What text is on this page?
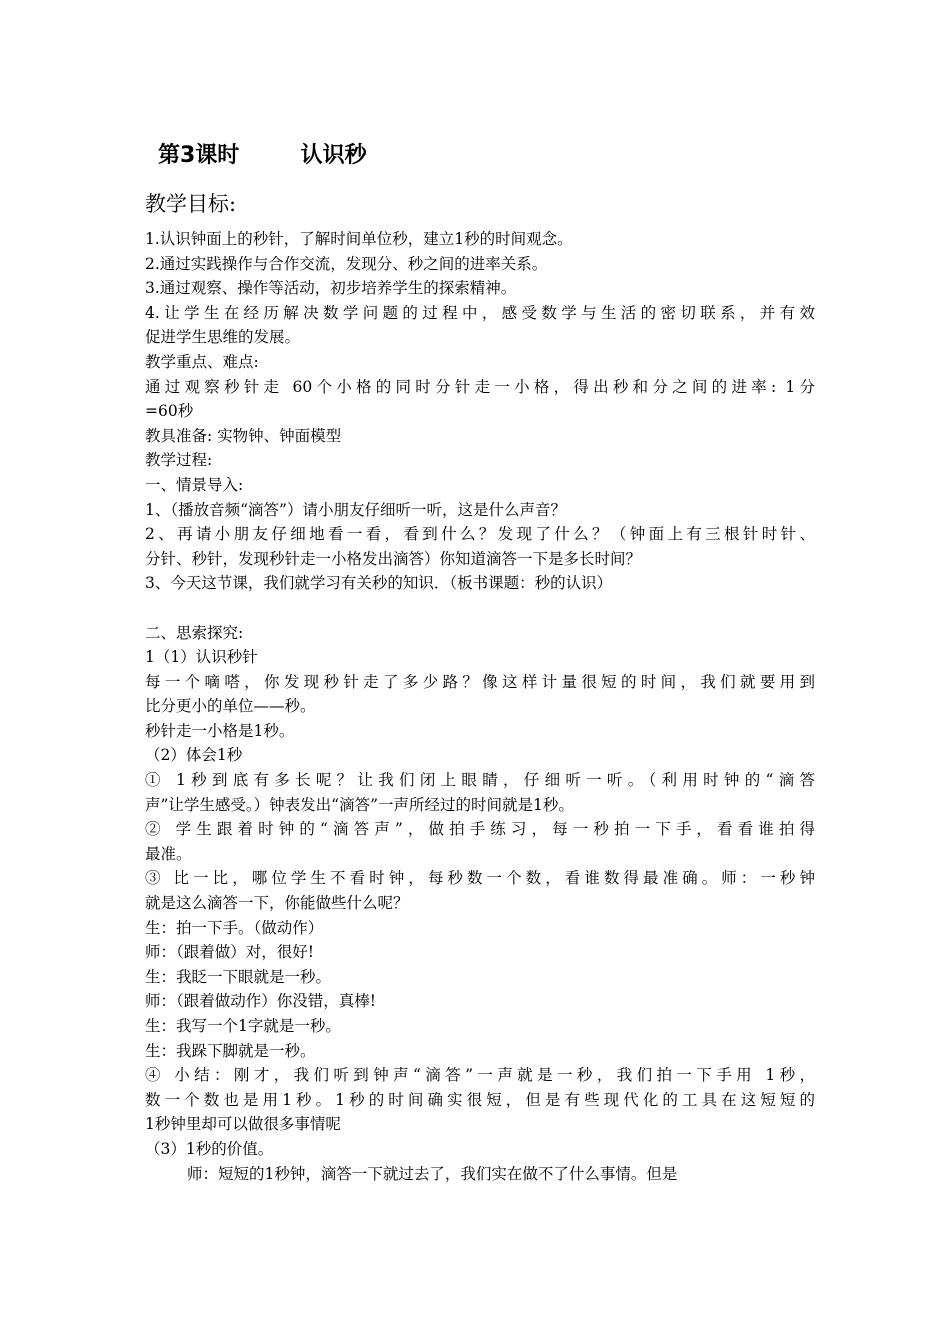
第3课时        认识秒
教学目标:
1.认识钟面上的秒针，了解时间单位秒，建立1秒的时间观念。
2.通过实践操作与合作交流，发现分、秒之间的进率关系。
3.通过观察、操作等活动，初步培养学生的探索精神。
4.让学生在经历解决数学问题的过程中，感受数学与生活的密切联系，并有效
促进学生思维的发展。
教学重点、难点:
通过观察秒针走 60个小格的同时分针走一小格，得出秒和分之间的进率: 1分
=60秒
教具准备: 实物钟、钟面模型
教学过程:
一、情景导入:
1、（播放音频“滴答”）请小朋友仔细听一听，这是什么声音？
2、再请小朋友仔细地看一看，看到什么？发现了什么？（钟面上有三根针时针、
分针、秒针，发现秒针走一小格发出滴答）你知道滴答一下是多长时间？
3、今天这节课，我们就学习有关秒的知识．（板书课题：秒的认识）
二、思索探究:
1（1）认识秒针
每一个嘀嗒，你发现秒针走了多少路？像这样计量很短的时间，我们就要用到
比分更小的单位——秒。
秒针走一小格是1秒。
（2）体会1秒
① 1秒到底有多长呢？让我们闭上眼睛，仔细听一听。（利用时钟的“滴答
声”让学生感受。）钟表发出“滴答”一声所经过的时间就是1秒。
② 学生跟着时钟的“滴答声”，做拍手练习，每一秒拍一下手，看看谁拍得
最准。
③ 比一比，哪位学生不看时钟，每秒数一个数，看谁数得最准确。师：一秒钟
就是这么滴答一下，你能做些什么呢？
生：拍一下手。（做动作）
师：（跟着做）对，很好!
生：我眨一下眼就是一秒。
师：（跟着做动作）你没错，真棒!
生：我写一个1字就是一秒。
生：我跺下脚就是一秒。
④ 小结：刚才，我们听到钟声“滴答”一声就是一秒，我们拍一下手用 1秒，
数一个数也是用1秒。1秒的时间确实很短，但是有些现代化的工具在这短短的
1秒钟里却可以做很多事情呢
（3）1秒的价值。
师：短短的1秒钟，滴答一下就过去了，我们实在做不了什么事情。但是
